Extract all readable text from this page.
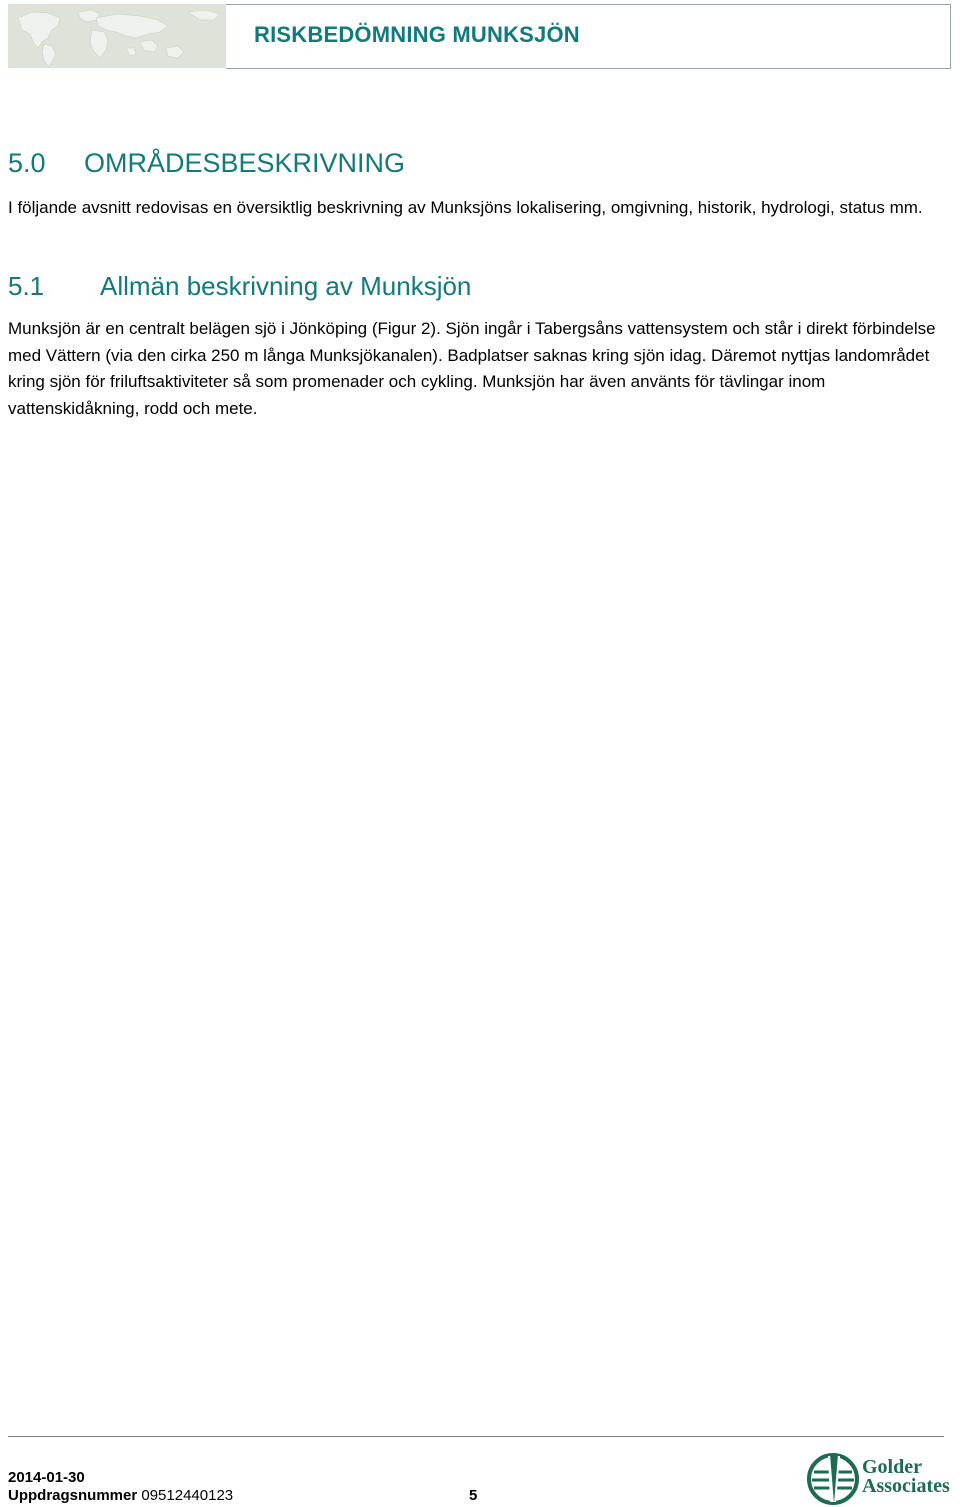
RISKBEDÖMNING MUNKSJÖN
5.0 OMRÅDESBESKRIVNING

I följande avsnitt redovisas en översiktlig beskrivning av Munksjöns lokalisering, omgivning, historik, hydrologi, status mm.

5.1 Allmän beskrivning av Munksjön

Munksjön är en centralt belägen sjö i Jönköping (Figur 2). Sjön ingår i Tabergsåns vattensystem och står i direkt förbindelse med Vättern (via den cirka 250 m långa Munksjökanalen). Badplatser saknas kring sjön idag. Däremot nyttjas landområdet kring sjön för friluftsaktiviteter så som promenader och cykling. Munksjön har även använts för tävlingar inom vattenskidåkning, rodd och mete.

2014-01-30
Uppdragsnummer 09512440123	5
Golder
Associates
